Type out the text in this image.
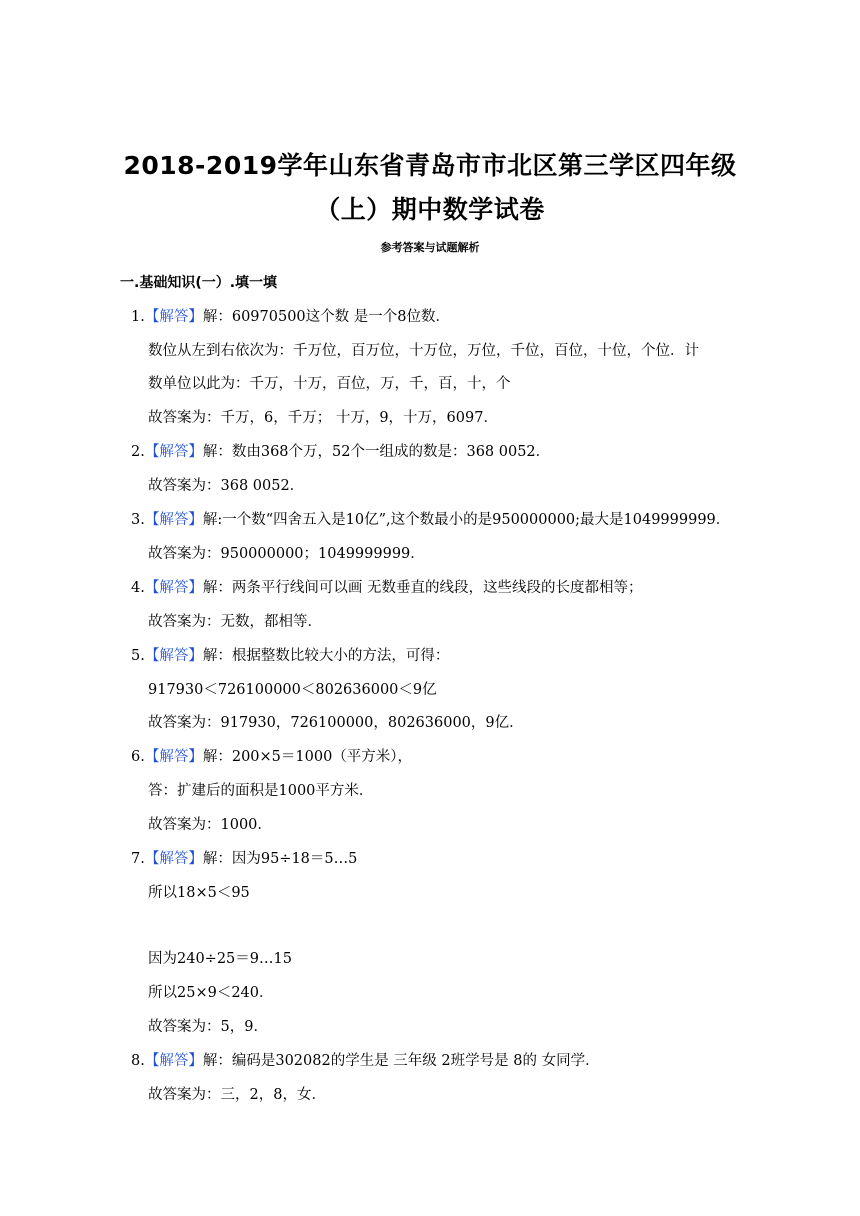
2018-2019学年山东省青岛市市北区第三学区四年级
（上）期中数学试卷
参考答案与试题解析
一.基础知识(一）.填一填
1.【解答】解：60970500这个数 是一个8位数．
数位从左到右依次为：千万位，百万位，十万位，万位，千位，百位，十位，个位．计
数单位以此为：千万，十万，百位，万，千，百，十，个
故答案为：千万，6，千万； 十万，9，十万，6097．
2.【解答】解：数由368个万，52个一组成的数是：368 0052．
故答案为：368 0052．
3.【解答】解:一个数“四舍五入是10亿”,这个数最小的是950000000;最大是1049999999．
故答案为：950000000；1049999999．
4.【解答】解：两条平行线间可以画 无数垂直的线段，这些线段的长度都相等；
故答案为：无数，都相等．
5.【解答】解：根据整数比较大小的方法，可得：
917930＜726100000＜802636000＜9亿
故答案为：917930，726100000，802636000，9亿．
6.【解答】解：200×5＝1000（平方米），
答：扩建后的面积是1000平方米．
故答案为：1000．
7.【解答】解：因为95÷18＝5…5
所以18×5＜95
因为240÷25＝9…15
所以25×9＜240．
故答案为：5，9．
8.【解答】解：编码是302082的学生是 三年级 2班学号是 8的 女同学．
故答案为：三，2，8，女．
